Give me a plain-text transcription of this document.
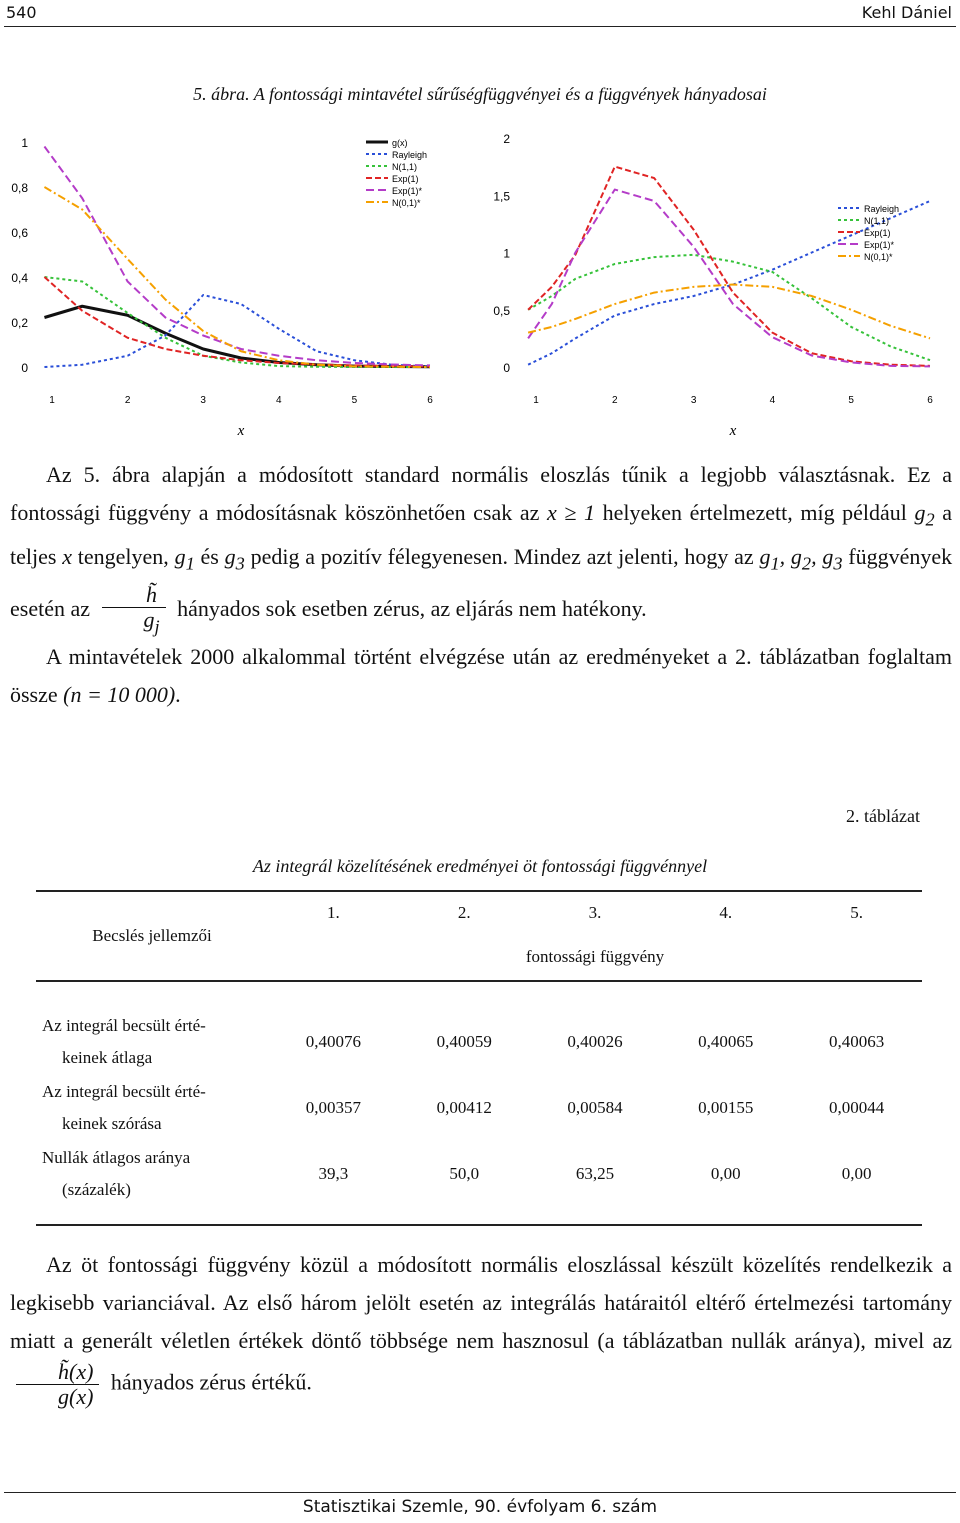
540	Kehl Dániel
5. ábra. A fontossági mintavétel sűrűségfüggvényei és a függvények hányadosai
1
0,8
0,6
0,4
0,2
0
1	2	3	4	5	6
x
g(x)
Rayleigh
N(1,1)
Exp(1)
Exp(1)*
N(0,1)*
2
1,5
1
0,5
0
1	2	3	4	5	6
x
Rayleigh
N(1,1)
Exp(1)
Exp(1)*
N(0,1)*

Az 5. ábra alapján a módosított standard normális eloszlás tűnik a legjobb választásnak. Ez a fontossági függvény a módosításnak köszönhetően csak az x ≥ 1 helyeken értelmezett, míg például $g_2$ a teljes x tengelyen, $g_1$ és $g_3$ pedig a pozitív félegyenesen. Mindez azt jelenti, hogy az $g_1$, $g_2$, $g_3$ függvények esetén az $\frac{h̃}{g_j}$ hányados sok esetben zérus, az eljárás nem hatékony.

A mintavételek 2000 alkalommal történt elvégzése után az eredményeket a 2. táblázatban foglaltam össze (n = 10 000).

2. táblázat
Az integrál közelítésének eredményei öt fontossági függvénnyel
Becslés jellemzői	1.	2.	3.	4.	5.
	fontossági függvény				
Az integrál becsült érté-
keinek átlaga	0,40076	0,40059	0,40026	0,40065	0,40063
Az integrál becsült érté-
keinek szórása	0,00357	0,00412	0,00584	0,00155	0,00044
Nullák átlagos aránya
(százalék)	39,3	50,0	63,25	0,00	0,00

Az öt fontossági függvény közül a módosított normális eloszlással készült közelítés rendelkezik a legkisebb varianciával. Az első három jelölt esetén az integrálás határaitól eltérő értelmezési tartomány miatt a generált véletlen értékek döntő többsége nem hasznosul (a táblázatban nullák aránya), mivel az
$\frac{h̃(x)}{g(x)}$ hányados zérus értékű.

Statisztikai Szemle, 90. évfolyam 6. szám
